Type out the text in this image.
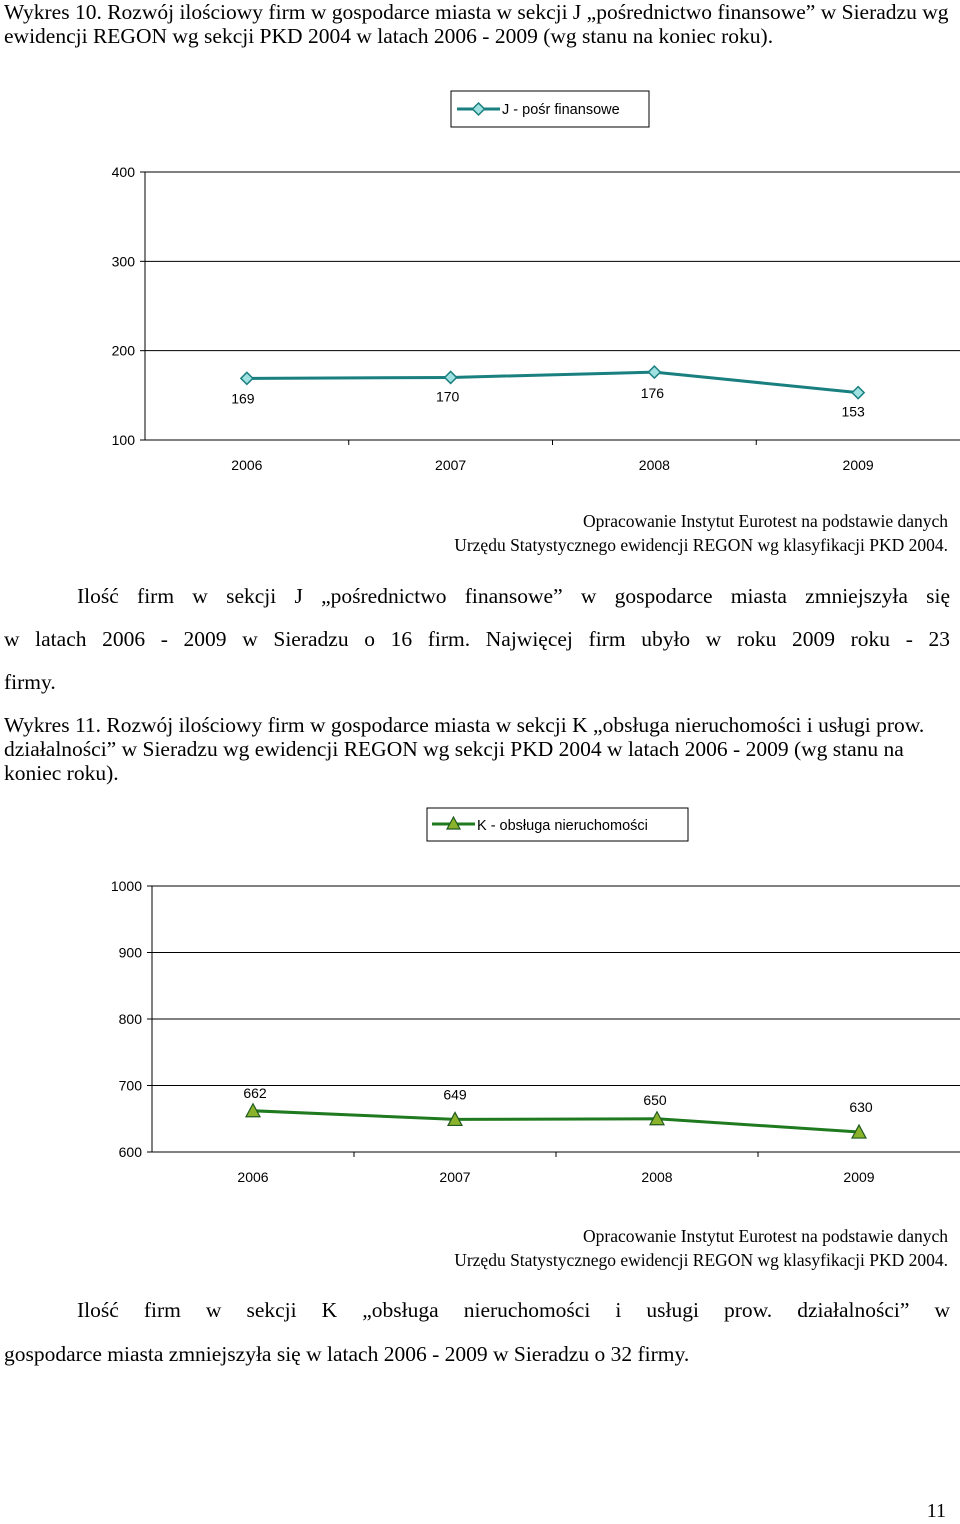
Wykres 10. Rozwój ilościowy firm w gospodarce miasta w sekcji J „pośrednictwo finansowe” w Sieradzu wg ewidencji REGON wg sekcji PKD 2004 w latach 2006 - 2009 (wg stanu na koniec roku).
J - pośr finansowe
100
200
300
400
2006	2007	2008	2009
169	170	176
153
Opracowanie Instytut Eurotest na podstawie danych
Urzędu Statystycznego ewidencji REGON wg klasyfikacji PKD 2004.

Ilość firm w sekcji J „pośrednictwo finansowe” w gospodarce miasta zmniejszyła się

w latach 2006 - 2009 w Sieradzu o 16 firm. Najwięcej firm ubyło w roku 2009 roku - 23

firmy.

Wykres 11. Rozwój ilościowy firm w gospodarce miasta w sekcji K „obsługa nieruchomości i usługi prow. działalności” w Sieradzu wg ewidencji REGON wg sekcji PKD 2004 w latach 2006 - 2009 (wg stanu na koniec roku).
K - obsługa nieruchomości
600
700
800
900
1000
2006	2007	2008	2009
662	649	650	630
Opracowanie Instytut Eurotest na podstawie danych
Urzędu Statystycznego ewidencji REGON wg klasyfikacji PKD 2004.

Ilość firm w sekcji K „obsługa nieruchomości i usługi prow. działalności” w

gospodarce miasta zmniejszyła się w latach 2006 - 2009 w Sieradzu o 32 firmy.

11
